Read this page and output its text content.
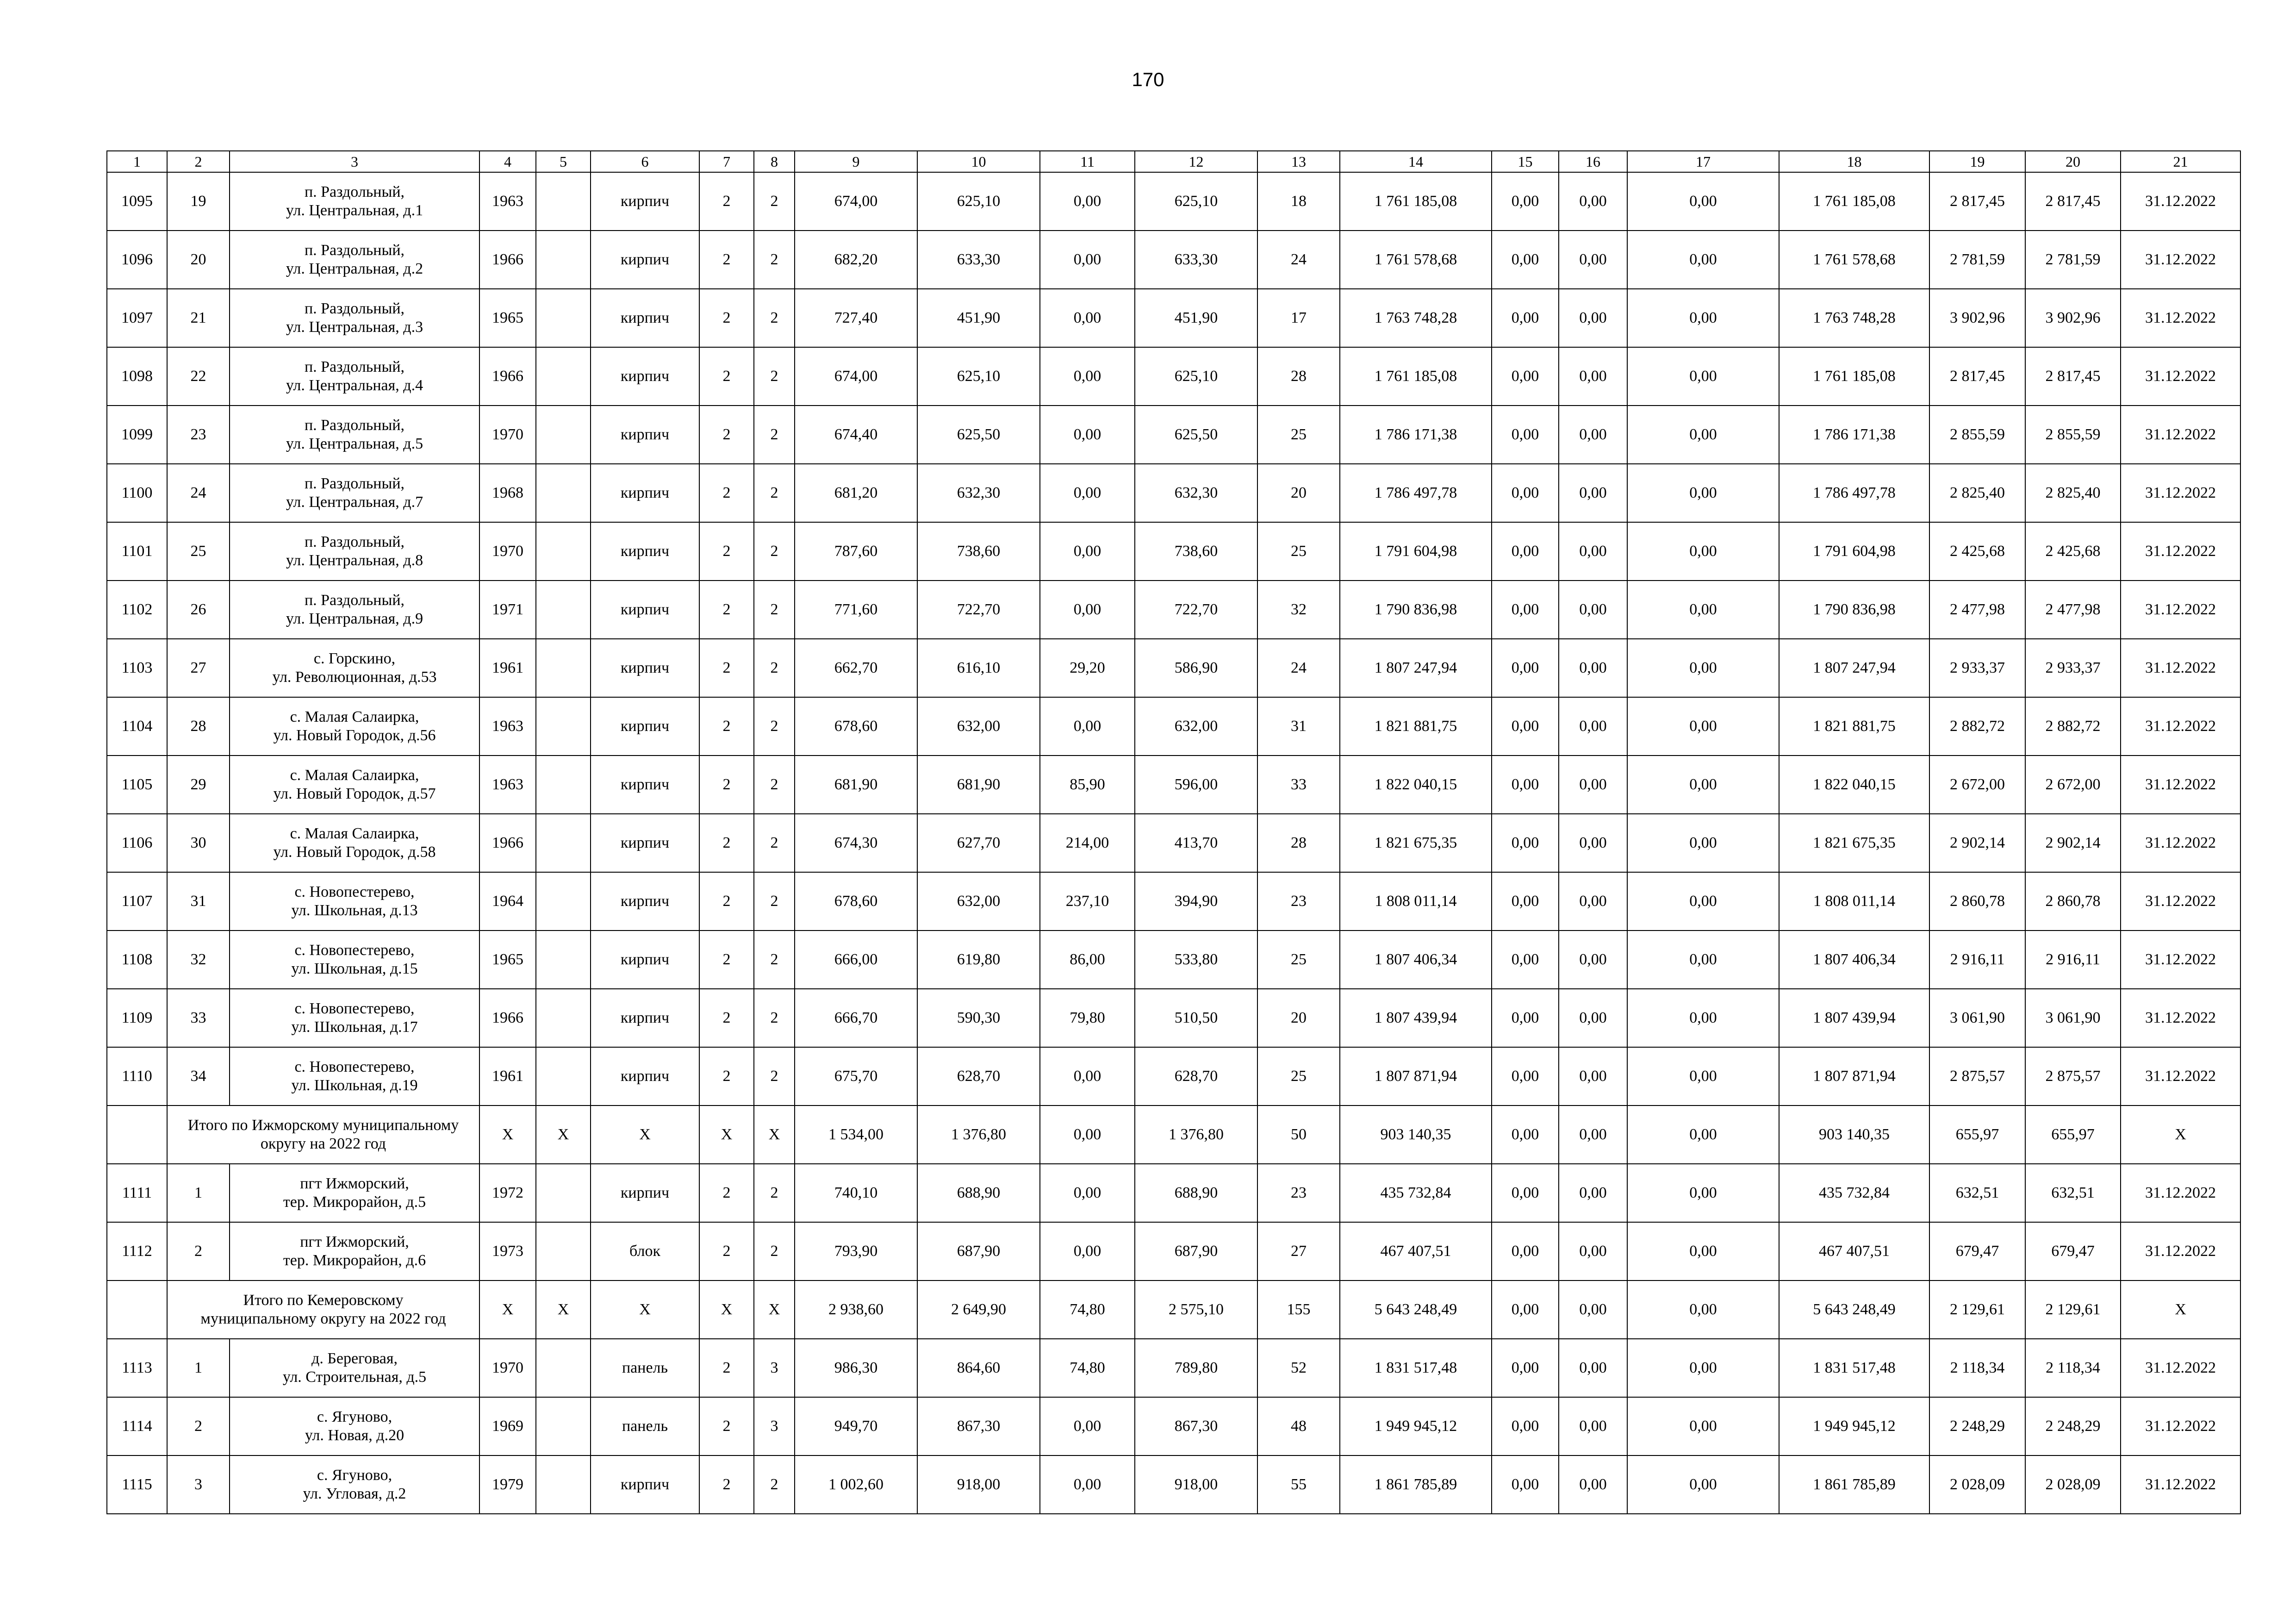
170
1	2	3	4	5	6	7	8	9	10	11	12	13	14	15	16	17	18	19	20	21
1095	19	п. Раздольный,
ул. Центральная, д.1	1963		кирпич	2	2	674,00	625,10	0,00	625,10	18	1 761 185,08	0,00	0,00	0,00	1 761 185,08	2 817,45	2 817,45	31.12.2022
1096	20	п. Раздольный,
ул. Центральная, д.2	1966		кирпич	2	2	682,20	633,30	0,00	633,30	24	1 761 578,68	0,00	0,00	0,00	1 761 578,68	2 781,59	2 781,59	31.12.2022
1097	21	п. Раздольный,
ул. Центральная, д.3	1965		кирпич	2	2	727,40	451,90	0,00	451,90	17	1 763 748,28	0,00	0,00	0,00	1 763 748,28	3 902,96	3 902,96	31.12.2022
1098	22	п. Раздольный,
ул. Центральная, д.4	1966		кирпич	2	2	674,00	625,10	0,00	625,10	28	1 761 185,08	0,00	0,00	0,00	1 761 185,08	2 817,45	2 817,45	31.12.2022
1099	23	п. Раздольный,
ул. Центральная, д.5	1970		кирпич	2	2	674,40	625,50	0,00	625,50	25	1 786 171,38	0,00	0,00	0,00	1 786 171,38	2 855,59	2 855,59	31.12.2022
1100	24	п. Раздольный,
ул. Центральная, д.7	1968		кирпич	2	2	681,20	632,30	0,00	632,30	20	1 786 497,78	0,00	0,00	0,00	1 786 497,78	2 825,40	2 825,40	31.12.2022
1101	25	п. Раздольный,
ул. Центральная, д.8	1970		кирпич	2	2	787,60	738,60	0,00	738,60	25	1 791 604,98	0,00	0,00	0,00	1 791 604,98	2 425,68	2 425,68	31.12.2022
1102	26	п. Раздольный,
ул. Центральная, д.9	1971		кирпич	2	2	771,60	722,70	0,00	722,70	32	1 790 836,98	0,00	0,00	0,00	1 790 836,98	2 477,98	2 477,98	31.12.2022
1103	27	с. Горскино,
ул. Революционная, д.53	1961		кирпич	2	2	662,70	616,10	29,20	586,90	24	1 807 247,94	0,00	0,00	0,00	1 807 247,94	2 933,37	2 933,37	31.12.2022
1104	28	с. Малая Салаирка,
ул. Новый Городок, д.56	1963		кирпич	2	2	678,60	632,00	0,00	632,00	31	1 821 881,75	0,00	0,00	0,00	1 821 881,75	2 882,72	2 882,72	31.12.2022
1105	29	с. Малая Салаирка,
ул. Новый Городок, д.57	1963		кирпич	2	2	681,90	681,90	85,90	596,00	33	1 822 040,15	0,00	0,00	0,00	1 822 040,15	2 672,00	2 672,00	31.12.2022
1106	30	с. Малая Салаирка,
ул. Новый Городок, д.58	1966		кирпич	2	2	674,30	627,70	214,00	413,70	28	1 821 675,35	0,00	0,00	0,00	1 821 675,35	2 902,14	2 902,14	31.12.2022
1107	31	с. Новопестерево,
ул. Школьная, д.13	1964		кирпич	2	2	678,60	632,00	237,10	394,90	23	1 808 011,14	0,00	0,00	0,00	1 808 011,14	2 860,78	2 860,78	31.12.2022
1108	32	с. Новопестерево,
ул. Школьная, д.15	1965		кирпич	2	2	666,00	619,80	86,00	533,80	25	1 807 406,34	0,00	0,00	0,00	1 807 406,34	2 916,11	2 916,11	31.12.2022
1109	33	с. Новопестерево,
ул. Школьная, д.17	1966		кирпич	2	2	666,70	590,30	79,80	510,50	20	1 807 439,94	0,00	0,00	0,00	1 807 439,94	3 061,90	3 061,90	31.12.2022
1110	34	с. Новопестерево,
ул. Школьная, д.19	1961		кирпич	2	2	675,70	628,70	0,00	628,70	25	1 807 871,94	0,00	0,00	0,00	1 807 871,94	2 875,57	2 875,57	31.12.2022

	Итого по Ижморскому муниципальному
округу на 2022 год		X	X	X	X	X	1 534,00	1 376,80	0,00	1 376,80	50	903 140,35	0,00	0,00	0,00	903 140,35	655,97	655,97	X
1111	1	пгт Ижморский,
тер. Микрорайон, д.5	1972		кирпич	2	2	740,10	688,90	0,00	688,90	23	435 732,84	0,00	0,00	0,00	435 732,84	632,51	632,51	31.12.2022
1112	2	пгт Ижморский,
тер. Микрорайон, д.6	1973		блок	2	2	793,90	687,90	0,00	687,90	27	467 407,51	0,00	0,00	0,00	467 407,51	679,47	679,47	31.12.2022

	Итого по Кемеровскому
муниципальному округу на 2022 год		X	X	X	X	X	2 938,60	2 649,90	74,80	2 575,10	155	5 643 248,49	0,00	0,00	0,00	5 643 248,49	2 129,61	2 129,61	X
1113	1	д. Береговая,
ул. Строительная, д.5	1970		панель	2	3	986,30	864,60	74,80	789,80	52	1 831 517,48	0,00	0,00	0,00	1 831 517,48	2 118,34	2 118,34	31.12.2022
1114	2	с. Ягуново,
ул. Новая, д.20	1969		панель	2	3	949,70	867,30	0,00	867,30	48	1 949 945,12	0,00	0,00	0,00	1 949 945,12	2 248,29	2 248,29	31.12.2022
1115	3	с. Ягуново,
ул. Угловая, д.2	1979		кирпич	2	2	1 002,60	918,00	0,00	918,00	55	1 861 785,89	0,00	0,00	0,00	1 861 785,89	2 028,09	2 028,09	31.12.2022
